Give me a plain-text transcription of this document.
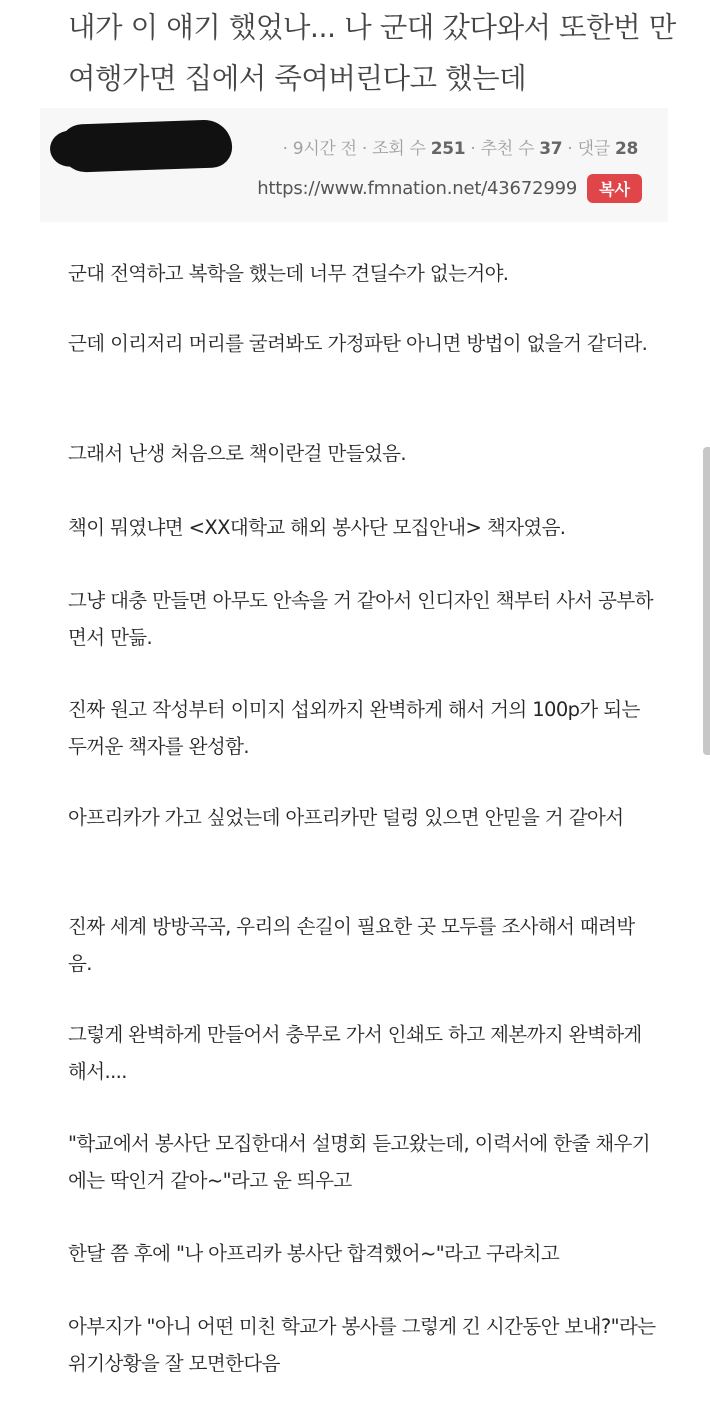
내가 이 얘기 했었나... 나 군대 갔다와서 또한번 만 여행가면 집에서 죽여버린다고 했는데
· 9시간 전 · 조회 수 251 · 추천 수 37 · 댓글 28
https://www.fmnation.net/43672999	복사

군대 전역하고 복학을 했는데 너무 견딜수가 없는거야.

근데 이리저리 머리를 굴려봐도 가정파탄 아니면 방법이 없을거 같더라.

그래서 난생 처음으로 책이란걸 만들었음.

책이 뭐였냐면 <XX대학교 해외 봉사단 모집안내> 책자였음.

그냥 대충 만들면 아무도 안속을 거 같아서 인디자인 책부터 사서 공부하면서 만듦.

진짜 원고 작성부터 이미지 섭외까지 완벽하게 해서 거의 100p가 되는 두꺼운 책자를 완성함.

아프리카가 가고 싶었는데 아프리카만 덜렁 있으면 안믿을 거 같아서

진짜 세계 방방곡곡, 우리의 손길이 필요한 곳 모두를 조사해서 때려박음.

그렇게 완벽하게 만들어서 충무로 가서 인쇄도 하고 제본까지 완벽하게 해서....

"학교에서 봉사단 모집한대서 설명회 듣고왔는데, 이력서에 한줄 채우기에는 딱인거 같아~"라고 운 띄우고

한달 쯤 후에 "나 아프리카 봉사단 합격했어~"라고 구라치고

아부지가 "아니 어떤 미친 학교가 봉사를 그렇게 긴 시간동안 보내?"라는 위기상황을 잘 모면한다음
